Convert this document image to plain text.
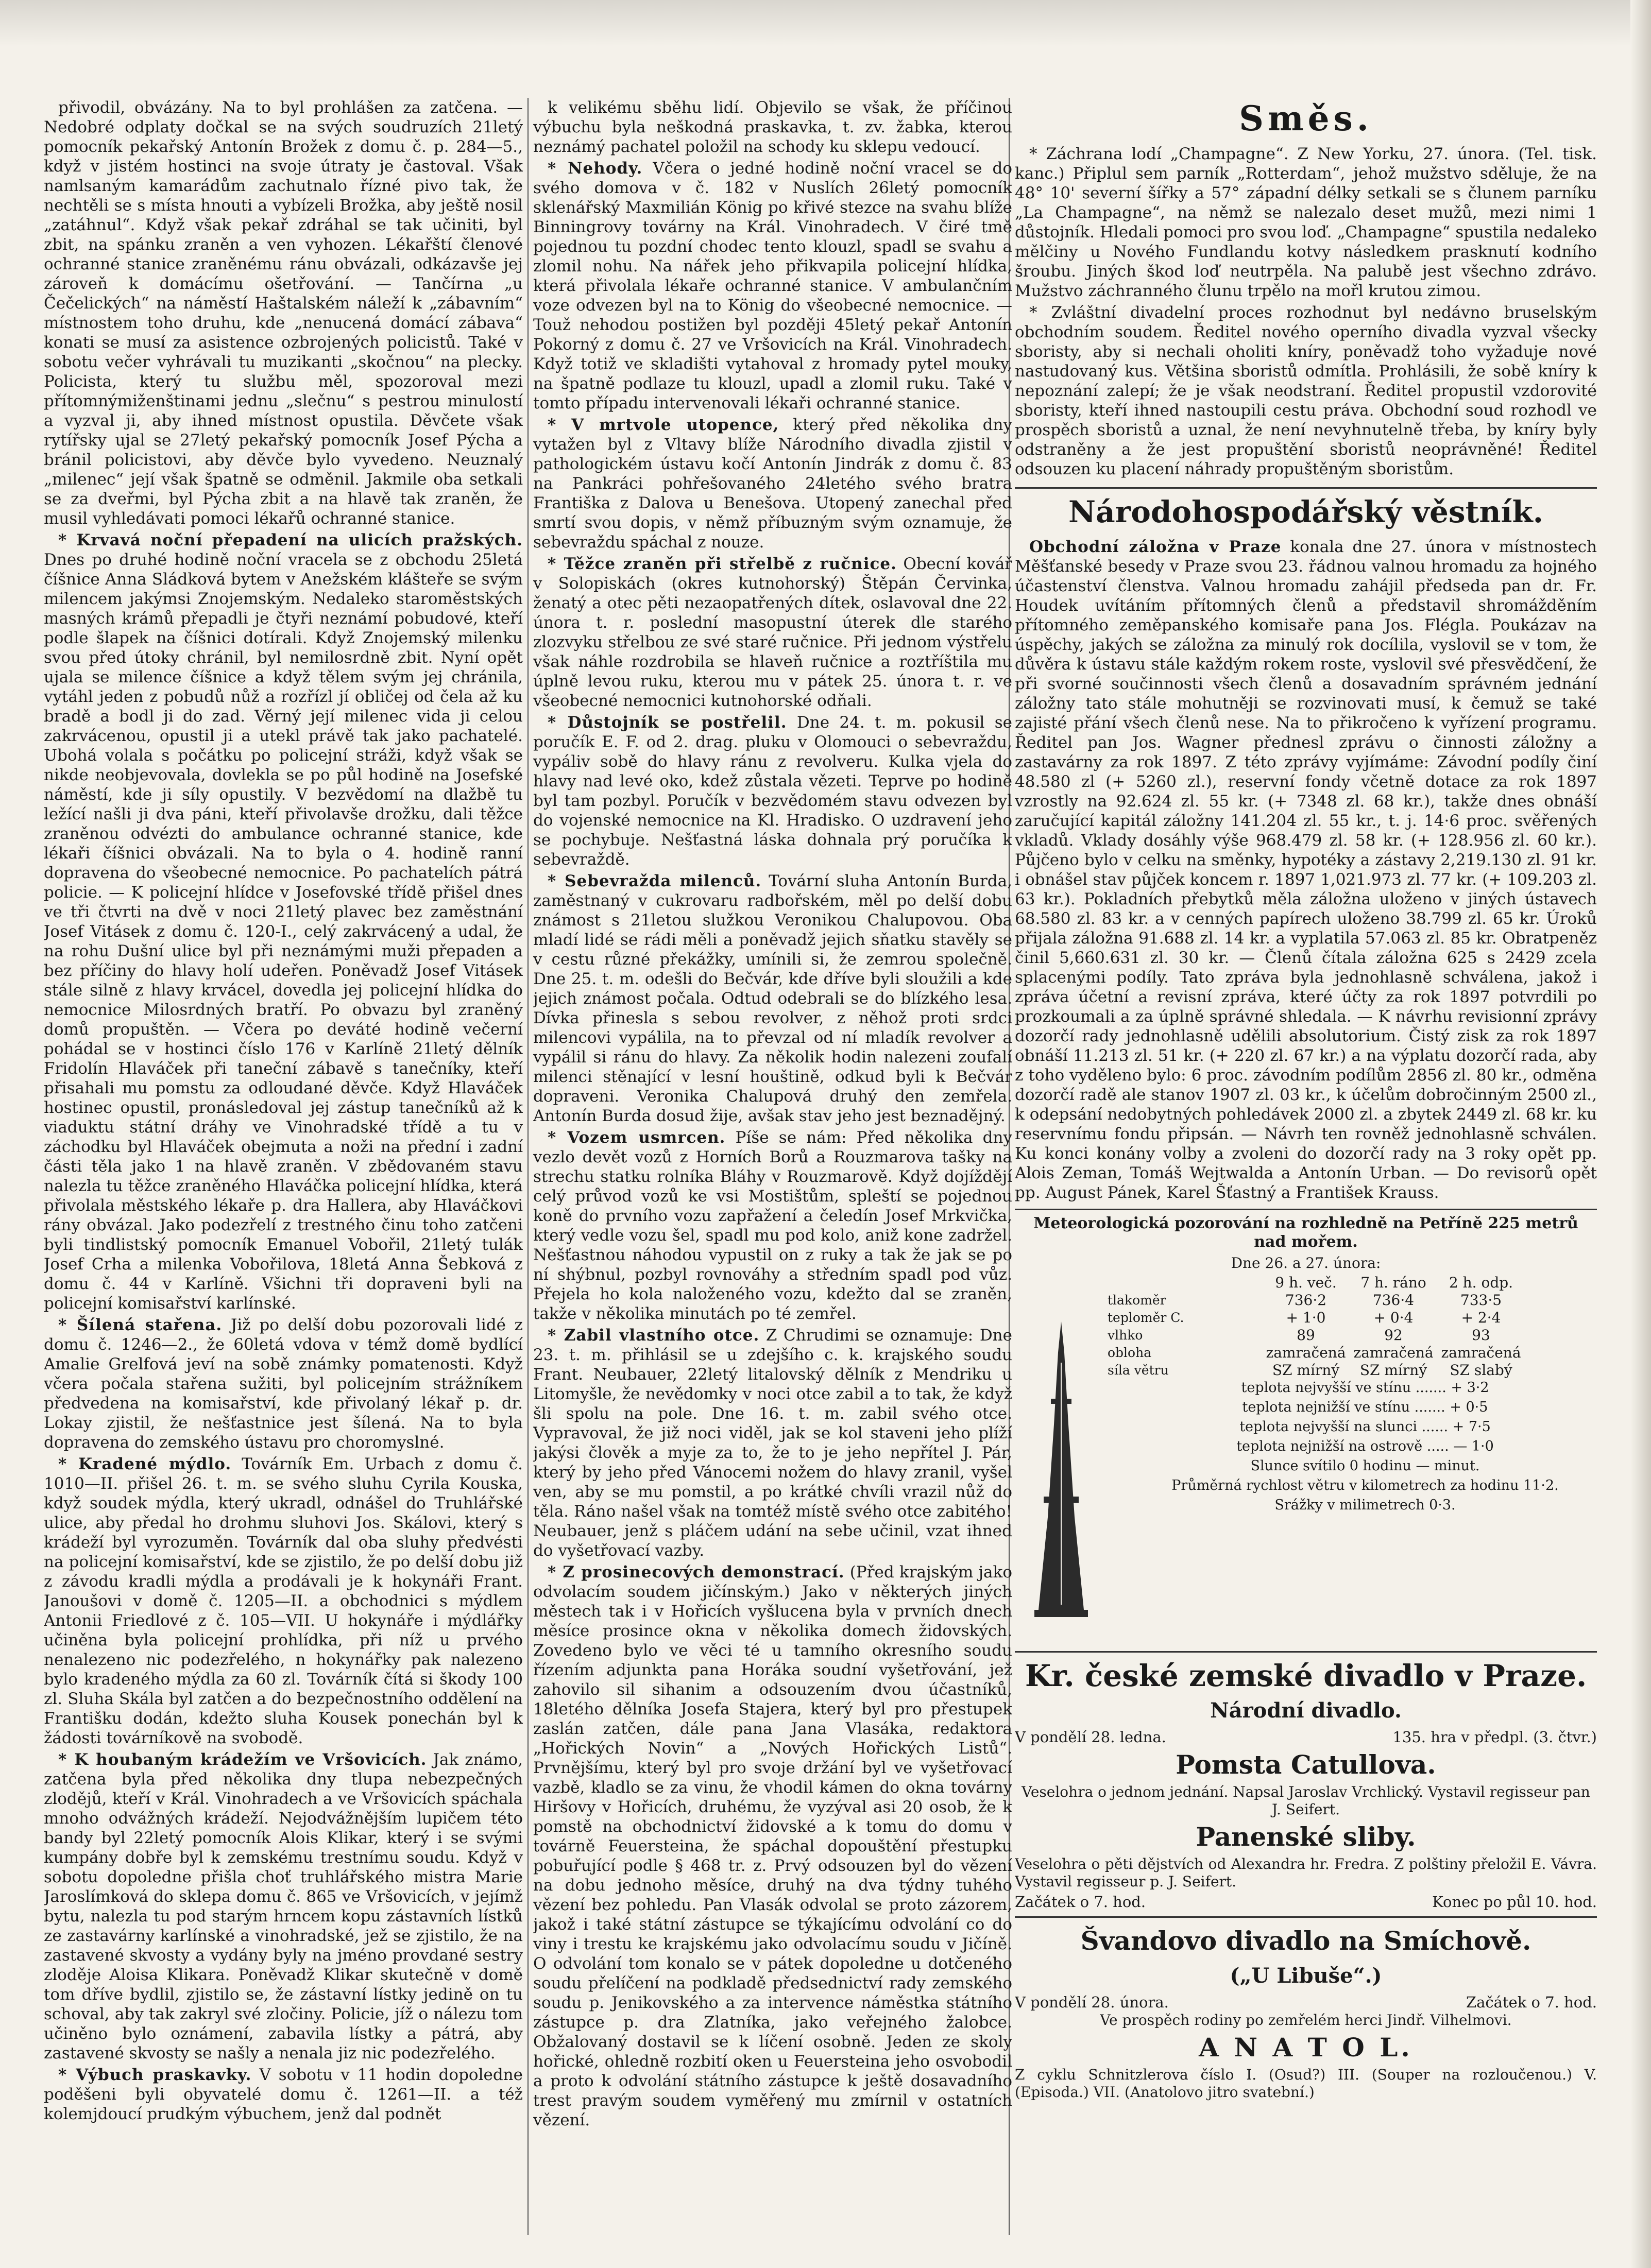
přivodil, obvázány. Na to byl prohlášen za zatčena. — Nedobré odplaty dočkal se na svých soudruzích 21letý pomocník pekařský Antonín Brožek z domu č. p. 284—5., když v jistém hostinci na svoje útraty je častoval. Však namlsaným kamarádům zachutnalo řízné pivo tak, že nechtěli se s místa hnouti a vybízeli Brožka, aby ještě nosil „zatáhnul“. Když však pekař zdráhal se tak učiniti, byl zbit, na spánku zraněn a ven vyhozen. Lékařští členové ochranné stanice zraněnému ránu obvázali, odkázavše jej zároveň k domácímu ošetřování. — Tančírna „u Čečelických“ na náměstí Haštalském náleží k „zábavním“ místnostem toho druhu, kde „nenucená domácí zábava“ konati se musí za asistence ozbrojených policistů. Také v sobotu večer vyhrávali tu muzikanti „skočnou“ na plecky. Policista, který tu službu měl, spozoroval mezi přítomnýmiženštinami jednu „slečnu“ s pestrou minulostí a vyzval ji, aby ihned místnost opustila. Děvčete však rytířsky ujal se 27letý pekařský pomocník Josef Pýcha a bránil policistovi, aby děvče bylo vyvedeno. Neuznalý „milenec“ její však špatně se odměnil. Jakmile oba setkali se za dveřmi, byl Pýcha zbit a na hlavě tak zraněn, že musil vyhledávati pomoci lékařů ochranné stanice.

* Krvavá noční přepadení na ulicích pražských. Dnes po druhé hodině noční vracela se z obchodu 25letá číšnice Anna Sládková bytem v Anežském klášteře se svým milencem jakýmsi Znojemským. Nedaleko staroměstských masných krámů přepadli je čtyři neznámí pobudové, kteří podle šlapek na číšnici dotírali. Když Znojemský milenku svou před útoky chránil, byl nemilosrdně zbit. Nyní opět ujala se milence číšnice a když tělem svým jej chránila, vytáhl jeden z pobudů nůž a rozřízl jí obličej od čela až ku bradě a bodl ji do zad. Věrný její milenec vida ji celou zakrvácenou, opustil ji a utekl právě tak jako pachatelé. Ubohá volala s počátku po policejní stráži, když však se nikde neobjevovala, dovlekla se po půl hodině na Josefské náměstí, kde ji síly opustily. V bezvědomí na dlažbě tu ležící našli ji dva páni, kteří přivolavše drožku, dali těžce zraněnou odvézti do ambulance ochranné stanice, kde lékaři číšnici obvázali. Na to byla o 4. hodině ranní dopravena do všeobecné nemocnice. Po pachatelích pátrá policie. — K policejní hlídce v Josefovské třídě přišel dnes ve tři čtvrti na dvě v noci 21letý plavec bez zaměstnání Josef Vitásek z domu č. 120-I., celý zakrvácený a udal, že na rohu Dušní ulice byl při neznámými muži přepaden a bez příčiny do hlavy holí udeřen. Poněvadž Josef Vitásek stále silně z hlavy krvácel, dovedla jej policejní hlídka do nemocnice Milosrdných bratří. Po obvazu byl zraněný domů propuštěn. — Včera po deváté hodině večerní pohádal se v hostinci číslo 176 v Karlíně 21letý dělník Fridolín Hlaváček při taneční zábavě s tanečníky, kteří přisahali mu pomstu za odloudané děvče. Když Hlaváček hostinec opustil, pronásledoval jej zástup tanečníků až k viaduktu státní dráhy ve Vinohradské třídě a tu v záchodku byl Hlaváček obejmuta a noži na přední i zadní části těla jako 1 na hlavě zraněn. V zbědovaném stavu nalezla tu těžce zraněného Hlaváčka policejní hlídka, která přivolala městského lékaře p. dra Hallera, aby Hlaváčkovi rány obvázal. Jako podezřelí z trestného činu toho zatčeni byli tindlistský pomocník Emanuel Vobořil, 21letý tulák Josef Crha a milenka Vobořilova, 18letá Anna Šebková z domu č. 44 v Karlíně. Všichni tři dopraveni byli na policejní komisařství karlínské.

* Šílená stařena. Již po delší dobu pozorovali lidé z domu č. 1246—2., že 60letá vdova v témž domě bydlící Amalie Grelfová jeví na sobě známky pomatenosti. Když včera počala stařena sužiti, byl policejním strážníkem předvedena na komisařství, kde přivolaný lékař p. dr. Lokay zjistil, že nešťastnice jest šílená. Na to byla dopravena do zemského ústavu pro choromyslné.

* Kradené mýdlo. Továrník Em. Urbach z domu č. 1010—II. přišel 26. t. m. se svého sluhu Cyrila Kouska, když soudek mýdla, který ukradl, odnášel do Truhlářské ulice, aby předal ho drohmu sluhovi Jos. Skálovi, který s krádeží byl vyrozuměn. Továrník dal oba sluhy předvésti na policejní komisařství, kde se zjistilo, že po delší dobu již z závodu kradli mýdla a prodávali je k hokynáři Frant. Janoušovi v domě č. 1205—II. a obchodnici s mýdlem Antonii Friedlové z č. 105—VII. U hokynáře i mýdlářky učiněna byla policejní prohlídka, při níž u prvého nenalezeno nic podezřelého, n hokynářky pak nalezeno bylo kradeného mýdla za 60 zl. Továrník čítá si škody 100 zl. Sluha Skála byl zatčen a do bezpečnostního oddělení na Františku dodán, kdežto sluha Kousek ponechán byl k žádosti továrníkově na svobodě.

* K houbaným krádežím ve Vršovicích. Jak známo, zatčena byla před několika dny tlupa nebezpečných zlodějů, kteří v Král. Vinohradech a ve Vršovicích spáchala mnoho odvážných krádeží. Nejodvážnějším lupičem této bandy byl 22letý pomocník Alois Klikar, který i se svými kumpány dobře byl k zemskému trestnímu soudu. Když v sobotu dopoledne přišla choť truhlářského mistra Marie Jaroslímková do sklepa domu č. 865 ve Vršovicích, v jejímž bytu, nalezla tu pod starým hrncem kopu zástavních lístků ze zastavárny karlínské a vinohradské, jež se zjistilo, že na zastavené skvosty a vydány byly na jméno provdané sestry zloděje Aloisa Klikara. Poněvadž Klikar skutečně v domě tom dříve bydlil, zjistilo se, že zástavní lístky jedině on tu schoval, aby tak zakryl své zločiny. Policie, jíž o nálezu tom učiněno bylo oznámení, zabavila lístky a pátrá, aby zastavené skvosty se našly a nenala jiz nic podezřelého.

* Výbuch praskavky. V sobotu v 11 hodin dopoledne poděšeni byli obyvatelé domu č. 1261—II. a též kolemjdoucí prudkým výbuchem, jenž dal podnět

k velikému sběhu lidí. Objevilo se však, že příčinou výbuchu byla neškodná praskavka, t. zv. žabka, kterou neznámý pachatel položil na schody ku sklepu vedoucí.

* Nehody. Včera o jedné hodině noční vracel se do svého domova v č. 182 v Nuslích 26letý pomocník sklenářský Maxmilián König po křivé stezce na svahu blíže Binningrovy továrny na Král. Vinohradech. V čiré tmě pojednou tu pozdní chodec tento klouzl, spadl se svahu a zlomil nohu. Na nářek jeho přikvapila policejní hlídka, která přivolala lékaře ochranné stanice. V ambulančním voze odvezen byl na to König do všeobecné nemocnice. — Touž nehodou postižen byl později 45letý pekař Antonín Pokorný z domu č. 27 ve Vršovicích na Král. Vinohradech. Když totiž ve skladišti vytahoval z hromady pytel mouky, na špatně podlaze tu klouzl, upadl a zlomil ruku. Také v tomto případu intervenovali lékaři ochranné stanice.

* V mrtvole utopence, který před několika dny vytažen byl z Vltavy blíže Národního divadla zjistil v pathologickém ústavu kočí Antonín Jindrák z domu č. 83 na Pankráci pohřešovaného 24letého svého bratra Františka z Dalova u Benešova. Utopený zanechal před smrtí svou dopis, v němž příbuzným svým oznamuje, že sebevraždu spáchal z nouze.

* Těžce zraněn při střelbě z ručnice. Obecní kovář v Solopiskách (okres kutnohorský) Štěpán Červinka, ženatý a otec pěti nezaopatřených dítek, oslavoval dne 22. února t. r. poslední masopustní úterek dle starého zlozvyku střelbou ze své staré ručnice. Při jednom výstřelu však náhle rozdrobila se hlaveň ručnice a roztříštila mu úplně levou ruku, kterou mu v pátek 25. února t. r. ve všeobecné nemocnici kutnohorské odňali.

* Důstojník se postřelil. Dne 24. t. m. pokusil se poručík E. F. od 2. drag. pluku v Olomouci o sebevraždu, vypáliv sobě do hlavy ránu z revolveru. Kulka vjela do hlavy nad levé oko, kdež zůstala vězeti. Teprve po hodině byl tam pozbyl. Poručík v bezvědomém stavu odvezen byl do vojenské nemocnice na Kl. Hradisko. O uzdravení jeho se pochybuje. Nešťastná láska dohnala prý poručíka k sebevraždě.

* Sebevražda milenců. Tovární sluha Antonín Burda, zaměstnaný v cukrovaru radbořském, měl po delší dobu známost s 21letou služkou Veronikou Chalupovou. Oba mladí lidé se rádi měli a poněvadž jejich sňatku stavěly se v cestu různé překážky, umínili si, že zemrou společně. Dne 25. t. m. odešli do Bečvár, kde dříve byli sloužili a kde jejich známost počala. Odtud odebrali se do blízkého lesa. Dívka přinesla s sebou revolver, z něhož proti srdci milencovi vypálila, na to převzal od ní mladík revolver a vypálil si ránu do hlavy. Za několik hodin nalezeni zoufalí milenci stěnající v lesní houštině, odkud byli k Bečvár dopraveni. Veronika Chalupová druhý den zemřela. Antonín Burda dosud žije, avšak stav jeho jest beznadějný.

* Vozem usmrcen. Píše se nám: Před několika dny vezlo devět vozů z Horních Borů a Rouzmarova tašky na strechu statku rolníka Bláhy v Rouzmarově. Když dojíždějí celý průvod vozů ke vsi Mostištům, spleští se pojednou koně do prvního vozu zapřažení a čeledín Josef Mrkvička, který vedle vozu šel, spadl mu pod kolo, aniž kone zadržel. Nešťastnou náhodou vypustil on z ruky a tak že jak se po ní shýbnul, pozbyl rovnováhy a středním spadl pod vůz. Přejela ho kola naloženého vozu, kdežto dal se zraněn, takže v několika minutách po té zemřel.

* Zabil vlastního otce. Z Chrudimi se oznamuje: Dne 23. t. m. přihlásil se u zdejšího c. k. krajského soudu Frant. Neubauer, 22letý litalovský dělník z Mendriku u Litomyšle, že nevědomky v noci otce zabil a to tak, že když šli spolu na pole. Dne 16. t. m. zabil svého otce. Vypravoval, že již noci viděl, jak se kol staveni jeho plíží jakýsi člověk a myje za to, že to je jeho nepřítel J. Pár, který by jeho před Vánocemi nožem do hlavy zranil, vyšel ven, aby se mu pomstil, a po krátké chvíli vrazil nůž do těla. Ráno našel však na tomtéž místě svého otce zabitého! Neubauer, jenž s pláčem udání na sebe učinil, vzat ihned do vyšetřovací vazby.

* Z prosinecových demonstrací. (Před krajským jako odvolacím soudem jičínským.) Jako v některých jiných městech tak i v Hořicích vyšlucena byla v prvních dnech měsíce prosince okna v několika domech židovských. Zovedeno bylo ve věci té u tamního okresního soudu řízením adjunkta pana Horáka soudní vyšetřování, jež zahovilo sil sihanim a odsouzením dvou účastníků, 18letého dělníka Josefa Stajera, který byl pro přestupek zaslán zatčen, dále pana Jana Vlasáka, redaktora „Hořických Novin“ a „Nových Hořických Listů“. Prvnějšímu, který byl pro svoje držání byl ve vyšetřovací vazbě, kladlo se za vinu, že vhodil kámen do okna továrny Hiršovy v Hořicích, druhému, že vyzýval asi 20 osob, že k pomstě na obchodnictví židovské a k tomu do domu v továrně Feuersteina, že spáchal dopouštění přestupku pobuřující podle § 468 tr. z. Prvý odsouzen byl do vězení na dobu jednoho měsíce, druhý na dva týdny tuhého vězení bez pohledu. Pan Vlasák odvolal se proto zázorem, jakož i také státní zástupce se týkajícímu odvolání co do viny i trestu ke krajskému jako odvolacímu soudu v Jičíně. O odvolání tom konalo se v pátek dopoledne u dotčeného soudu přelíčení na podkladě předsednictví rady zemského soudu p. Jenikovského a za intervence náměstka státního zástupce p. dra Zlatníka, jako veřejného žalobce. Obžalovaný dostavil se k líčení osobně. Jeden ze skoly hořické, ohledně rozbití oken u Feuersteina jeho osvobodil a proto k odvolání státního zástupce k ještě dosavadního trest pravým soudem vyměřený mu zmírnil v ostatních vězení.

Směs.

* Záchrana lodí „Champagne“. Z New Yorku, 27. února. (Tel. tisk. kanc.) Připlul sem parník „Rotterdam“, jehož mužstvo sděluje, že na 48° 10' severní šířky a 57° západní délky setkali se s člunem parníku „La Champagne“, na němž se nalezalo deset mužů, mezi nimi 1 důstojník. Hledali pomoci pro svou loď. „Champagne“ spustila nedaleko mělčiny u Nového Fundlandu kotvy následkem prasknutí kodního šroubu. Jiných škod loď neutrpěla. Na palubě jest všechno zdrávo. Mužstvo záchranného člunu trpělo na mořl krutou zimou.

* Zvláštní divadelní proces rozhodnut byl nedávno bruselským obchodním soudem. Ředitel nového operního divadla vyzval všecky sboristy, aby si nechali oholiti kníry, poněvadž toho vyžaduje nové nastudovaný kus. Většina sboristů odmítla. Prohlásili, že sobě kníry k nepoznání zalepí; že je však neodstraní. Ředitel propustil vzdorovité sboristy, kteří ihned nastoupili cestu práva. Obchodní soud rozhodl ve prospěch sboristů a uznal, že není nevyhnutelně třeba, by kníry byly odstraněny a že jest propuštění sboristů neoprávněné! Ředitel odsouzen ku placení náhrady propuštěným sboristům.

Národohospodářský věstník.

Obchodní záložna v Praze konala dne 27. února v místnostech Měšťanské besedy v Praze svou 23. řádnou valnou hromadu za hojného účastenství členstva. Valnou hromadu zahájil předseda pan dr. Fr. Houdek uvítáním přítomných členů a představil shromážděním přítomného zeměpanského komisaře pana Jos. Flégla. Poukázav na úspěchy, jakých se záložna za minulý rok docílila, vyslovil se v tom, že důvěra k ústavu stále každým rokem roste, vyslovil své přesvědčení, že při svorné součinnosti všech členů a dosavadním správném jednání záložny tato stále mohutněji se rozvinovati musí, k čemuž se také zajisté přání všech členů nese. Na to přikročeno k vyřízení programu. Ředitel pan Jos. Wagner přednesl zprávu o činnosti záložny a zastavárny za rok 1897. Z této zprávy vyjímáme: Závodní podíly činí 48.580 zl (+ 5260 zl.), reservní fondy včetně dotace za rok 1897 vzrostly na 92.624 zl. 55 kr. (+ 7348 zl. 68 kr.), takže dnes obnáší zaručující kapitál záložny 141.204 zl. 55 kr., t. j. 14·6 proc. svěřených vkladů. Vklady dosáhly výše 968.479 zl. 58 kr. (+ 128.956 zl. 60 kr.). Půjčeno bylo v celku na směnky, hypotéky a zástavy 2,219.130 zl. 91 kr. i obnášel stav půjček koncem r. 1897 1,021.973 zl. 77 kr. (+ 109.203 zl. 63 kr.). Pokladních přebytků měla záložna uloženo v jiných ústavech 68.580 zl. 83 kr. a v cenných papírech uloženo 38.799 zl. 65 kr. Úroků přijala záložna 91.688 zl. 14 kr. a vyplatila 57.063 zl. 85 kr. Obratpeněz činil 5,660.631 zl. 30 kr. — Členů čítala záložna 625 s 2429 zcela splacenými podíly. Tato zpráva byla jednohlasně schválena, jakož i zpráva účetní a revisní zpráva, které účty za rok 1897 potvrdili po prozkoumali a za úplně správné shledala. — K návrhu revisionní zprávy dozorčí rady jednohlasně udělili absolutorium. Čistý zisk za rok 1897 obnáší 11.213 zl. 51 kr. (+ 220 zl. 67 kr.) a na výplatu dozorčí rada, aby z toho vyděleno bylo: 6 proc. závodním podílům 2856 zl. 80 kr., odměna dozorčí radě ale stanov 1907 zl. 03 kr., k účelům dobročinným 2500 zl., k odepsání nedobytných pohledávek 2000 zl. a zbytek 2449 zl. 68 kr. ku reservnímu fondu připsán. — Návrh ten rovněž jednohlasně schválen. Ku konci konány volby a zvoleni do dozorčí rady na 3 roky opět pp. Alois Zeman, Tomáš Wejtwalda a Antonín Urban. — Do revisorů opět pp. August Pánek, Karel Šťastný a František Krauss.

Meteorologická pozorování na rozhledně na Petříně 225 metrů nad mořem.
Dne 26. a 27. února:
9 h. več.	7 h. ráno	2 h. odp.
tlakoměr	736·2	736·4	733·5
teploměr C.	+ 1·0	+ 0·4	+ 2·4
vlhko	89	92	93
oblohа	zamračená zamračená zamračená
síla větru	SZ mírný	SZ mírný	SZ slabý

teplota nejvyšší ve stínu ....... + 3·2

teplota nejnižší ve stínu ....... + 0·5

teplota nejvyšší na slunci ...... + 7·5

teplota nejnižší na ostrově ..... — 1·0

Slunce svítilo 0 hodinu — minut.

Průměrná rychlost větru v kilometrech za hodinu 11·2.

Srážky v milimetrech 0·3.

Kr. české zemské divadlo v Praze.
Národní divadlo.
V pondělí 28. ledna.	135. hra v předpl. (3. čtvr.)
Pomsta Catullova.

Veselohra o jednom jednání. Napsal Jaroslav Vrchlický. Vystavil regisseur pan J. Seifert.

Panenské sliby.

Veselohra o pěti dějstvích od Alexandra hr. Fredra. Z polštiny přeložil E. Vávra. Vystavil regisseur p. J. Seifert.

Začátek o 7. hod.	Konec po půl 10. hod.
Švandovo divadlo na Smíchově.
(„U Libuše“.)
V pondělí 28. února.	Začátek o 7. hod.

Ve prospěch rodiny po zemřelém herci Jindř. Vilhelmovi.

A N A T O L.

Z cyklu Schnitzlerova číslo I. (Osud?) III. (Souper na rozloučenou.) V. (Episoda.) VII. (Anatolovo jitro svatební.)
